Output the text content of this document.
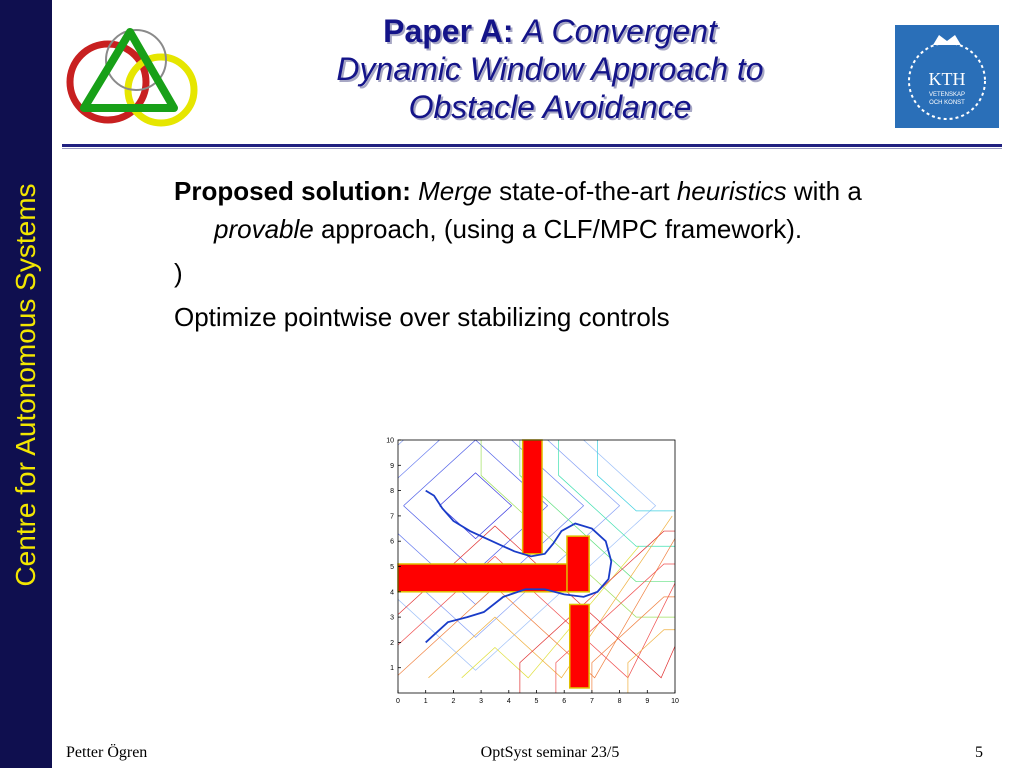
Centre for Autonomous Systems
KTH
VETENSKAP
OCH KONST
Paper A: A Convergent
Dynamic Window Approach to
Obstacle Avoidance
Proposed solution: Merge state-of-the-art heuristics with a provable approach, (using a CLF/MPC framework).
)
Optimize pointwise over stabilizing controls
0	1	2	3	4	5	6	7	8	9	10
1
2
3
4
5
6
7
8
9
10
Petter Ögren	OptSyst seminar 23/5	5
